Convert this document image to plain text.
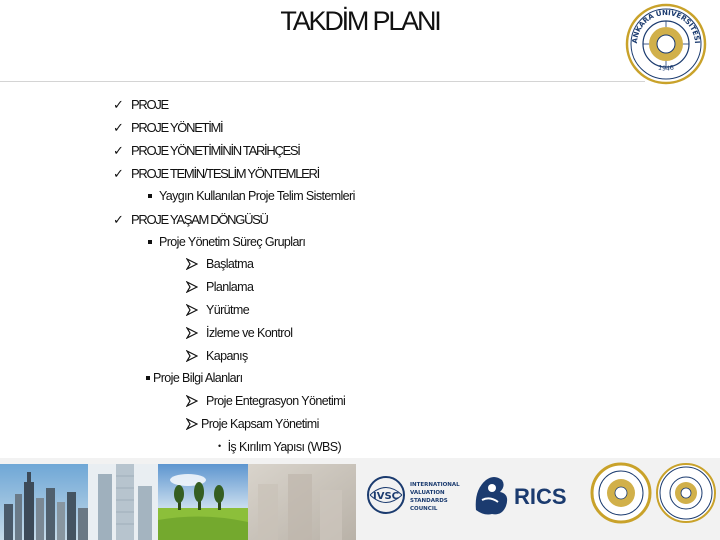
TAKDİM PLANI
ANKARA ÜNİVERSİTESİ
1946
✓ PROJE
✓ PROJE YÖNETİMİ
✓ PROJE YÖNETİMİNİN TARİHÇESİ
✓ PROJE TEMİN/TESLİM YÖNTEMLERİ
Yaygın Kullanılan Proje Telim Sistemleri
✓ PROJE YAŞAM DÖNGÜSÜ
Proje Yönetim Süreç Grupları
Başlatma
Planlama
Yürütme
İzleme ve Kontrol
Kapanış
Proje Bilgi Alanları
Proje Entegrasyon Yönetimi
Proje Kapsam Yönetimi
• İş Kırılım Yapısı (WBS)
IVSC
INTERNATIONAL
VALUATION
STANDARDS
COUNCIL	RICS
